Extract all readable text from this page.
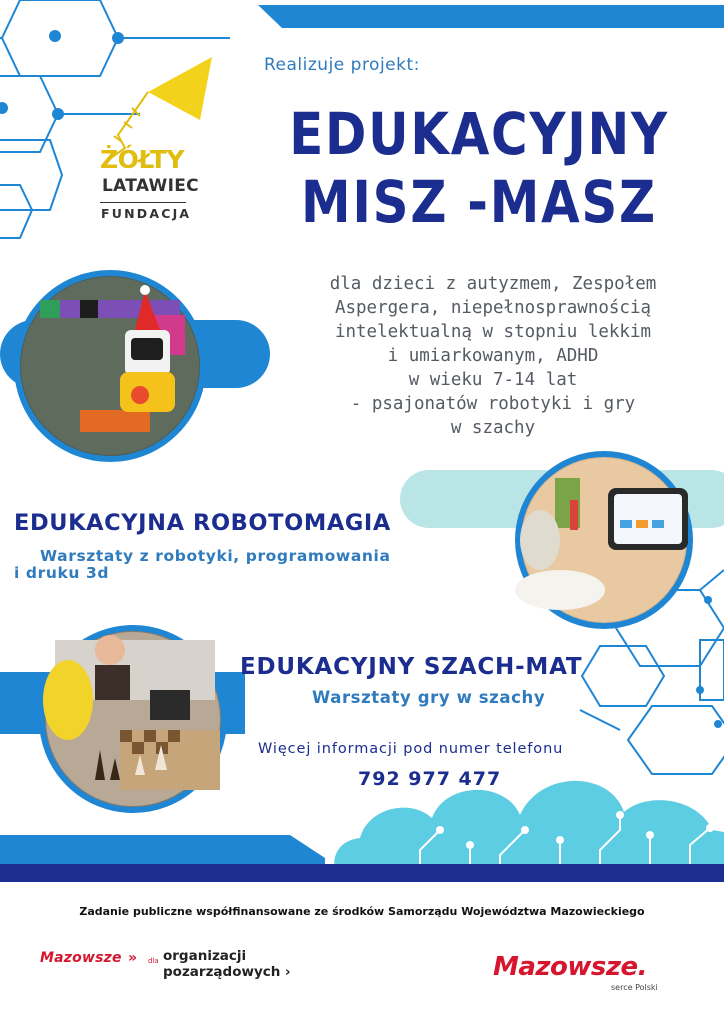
Realizuje projekt:
EDUKACYJNY
MISZ -MASZ
ŻÓŁTY
LATAWIEC
FUNDACJA
dla dzieci z autyzmem, Zespołem
Aspergera, niepełnosprawnością
intelektualną w stopniu lekkim
i umiarkowanym, ADHD
w wieku 7-14 lat
- psajonatów robotyki i gry
w szachy
EDUKACYJNA ROBOTOMAGIA
Warsztaty z robotyki, programowania
i druku 3d
EDUKACYJNY SZACH-MAT
Warsztaty gry w szachy
Więcej informacji pod numer telefonu
792 977 477
Zadanie publiczne współfinansowane ze środków Samorządu Województwa Mazowieckiego
Mazowsze » dla organizacji
pozarządowych ›	Mazowsze.
serce Polski
